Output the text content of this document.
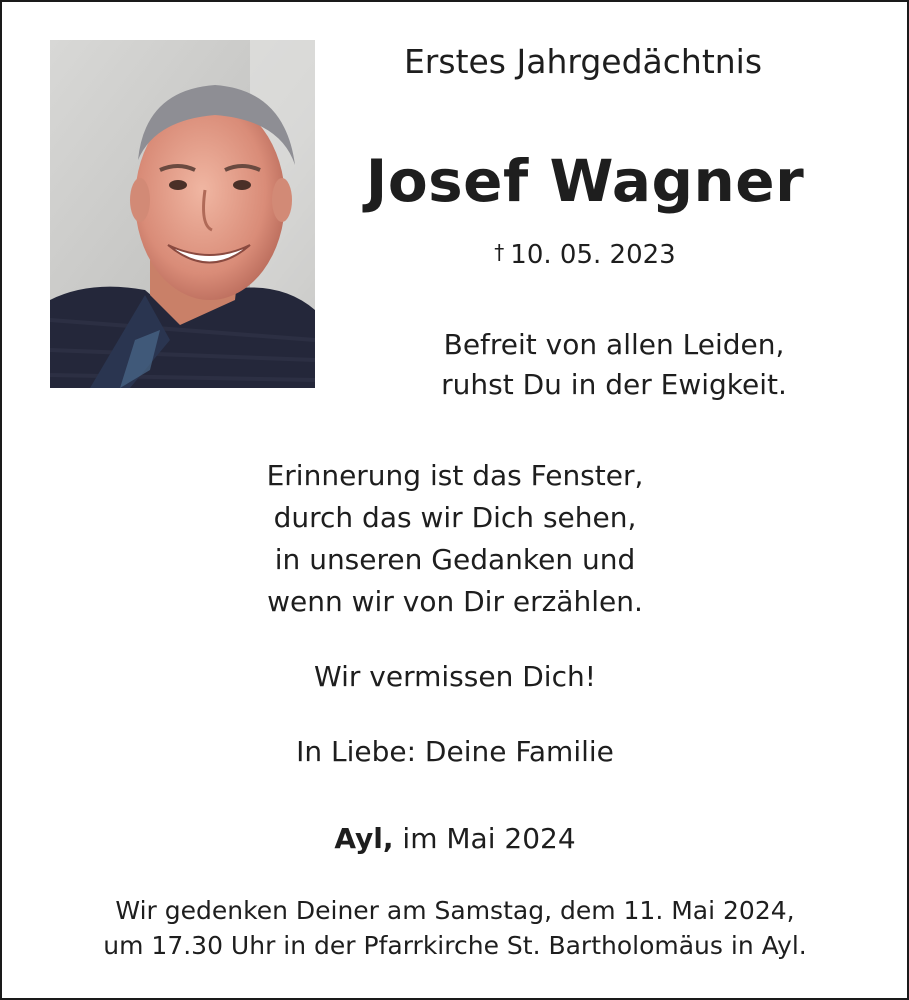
Erstes Jahrgedächtnis
Josef Wagner
† 10. 05. 2023
Befreit von allen Leiden,
ruhst Du in der Ewigkeit.
Erinnerung ist das Fenster,
durch das wir Dich sehen,
in unseren Gedanken und
wenn wir von Dir erzählen.
Wir vermissen Dich!
In Liebe: Deine Familie
Ayl, im Mai 2024
Wir gedenken Deiner am Samstag, dem 11. Mai 2024,
um 17.30 Uhr in der Pfarrkirche St. Bartholomäus in Ayl.
